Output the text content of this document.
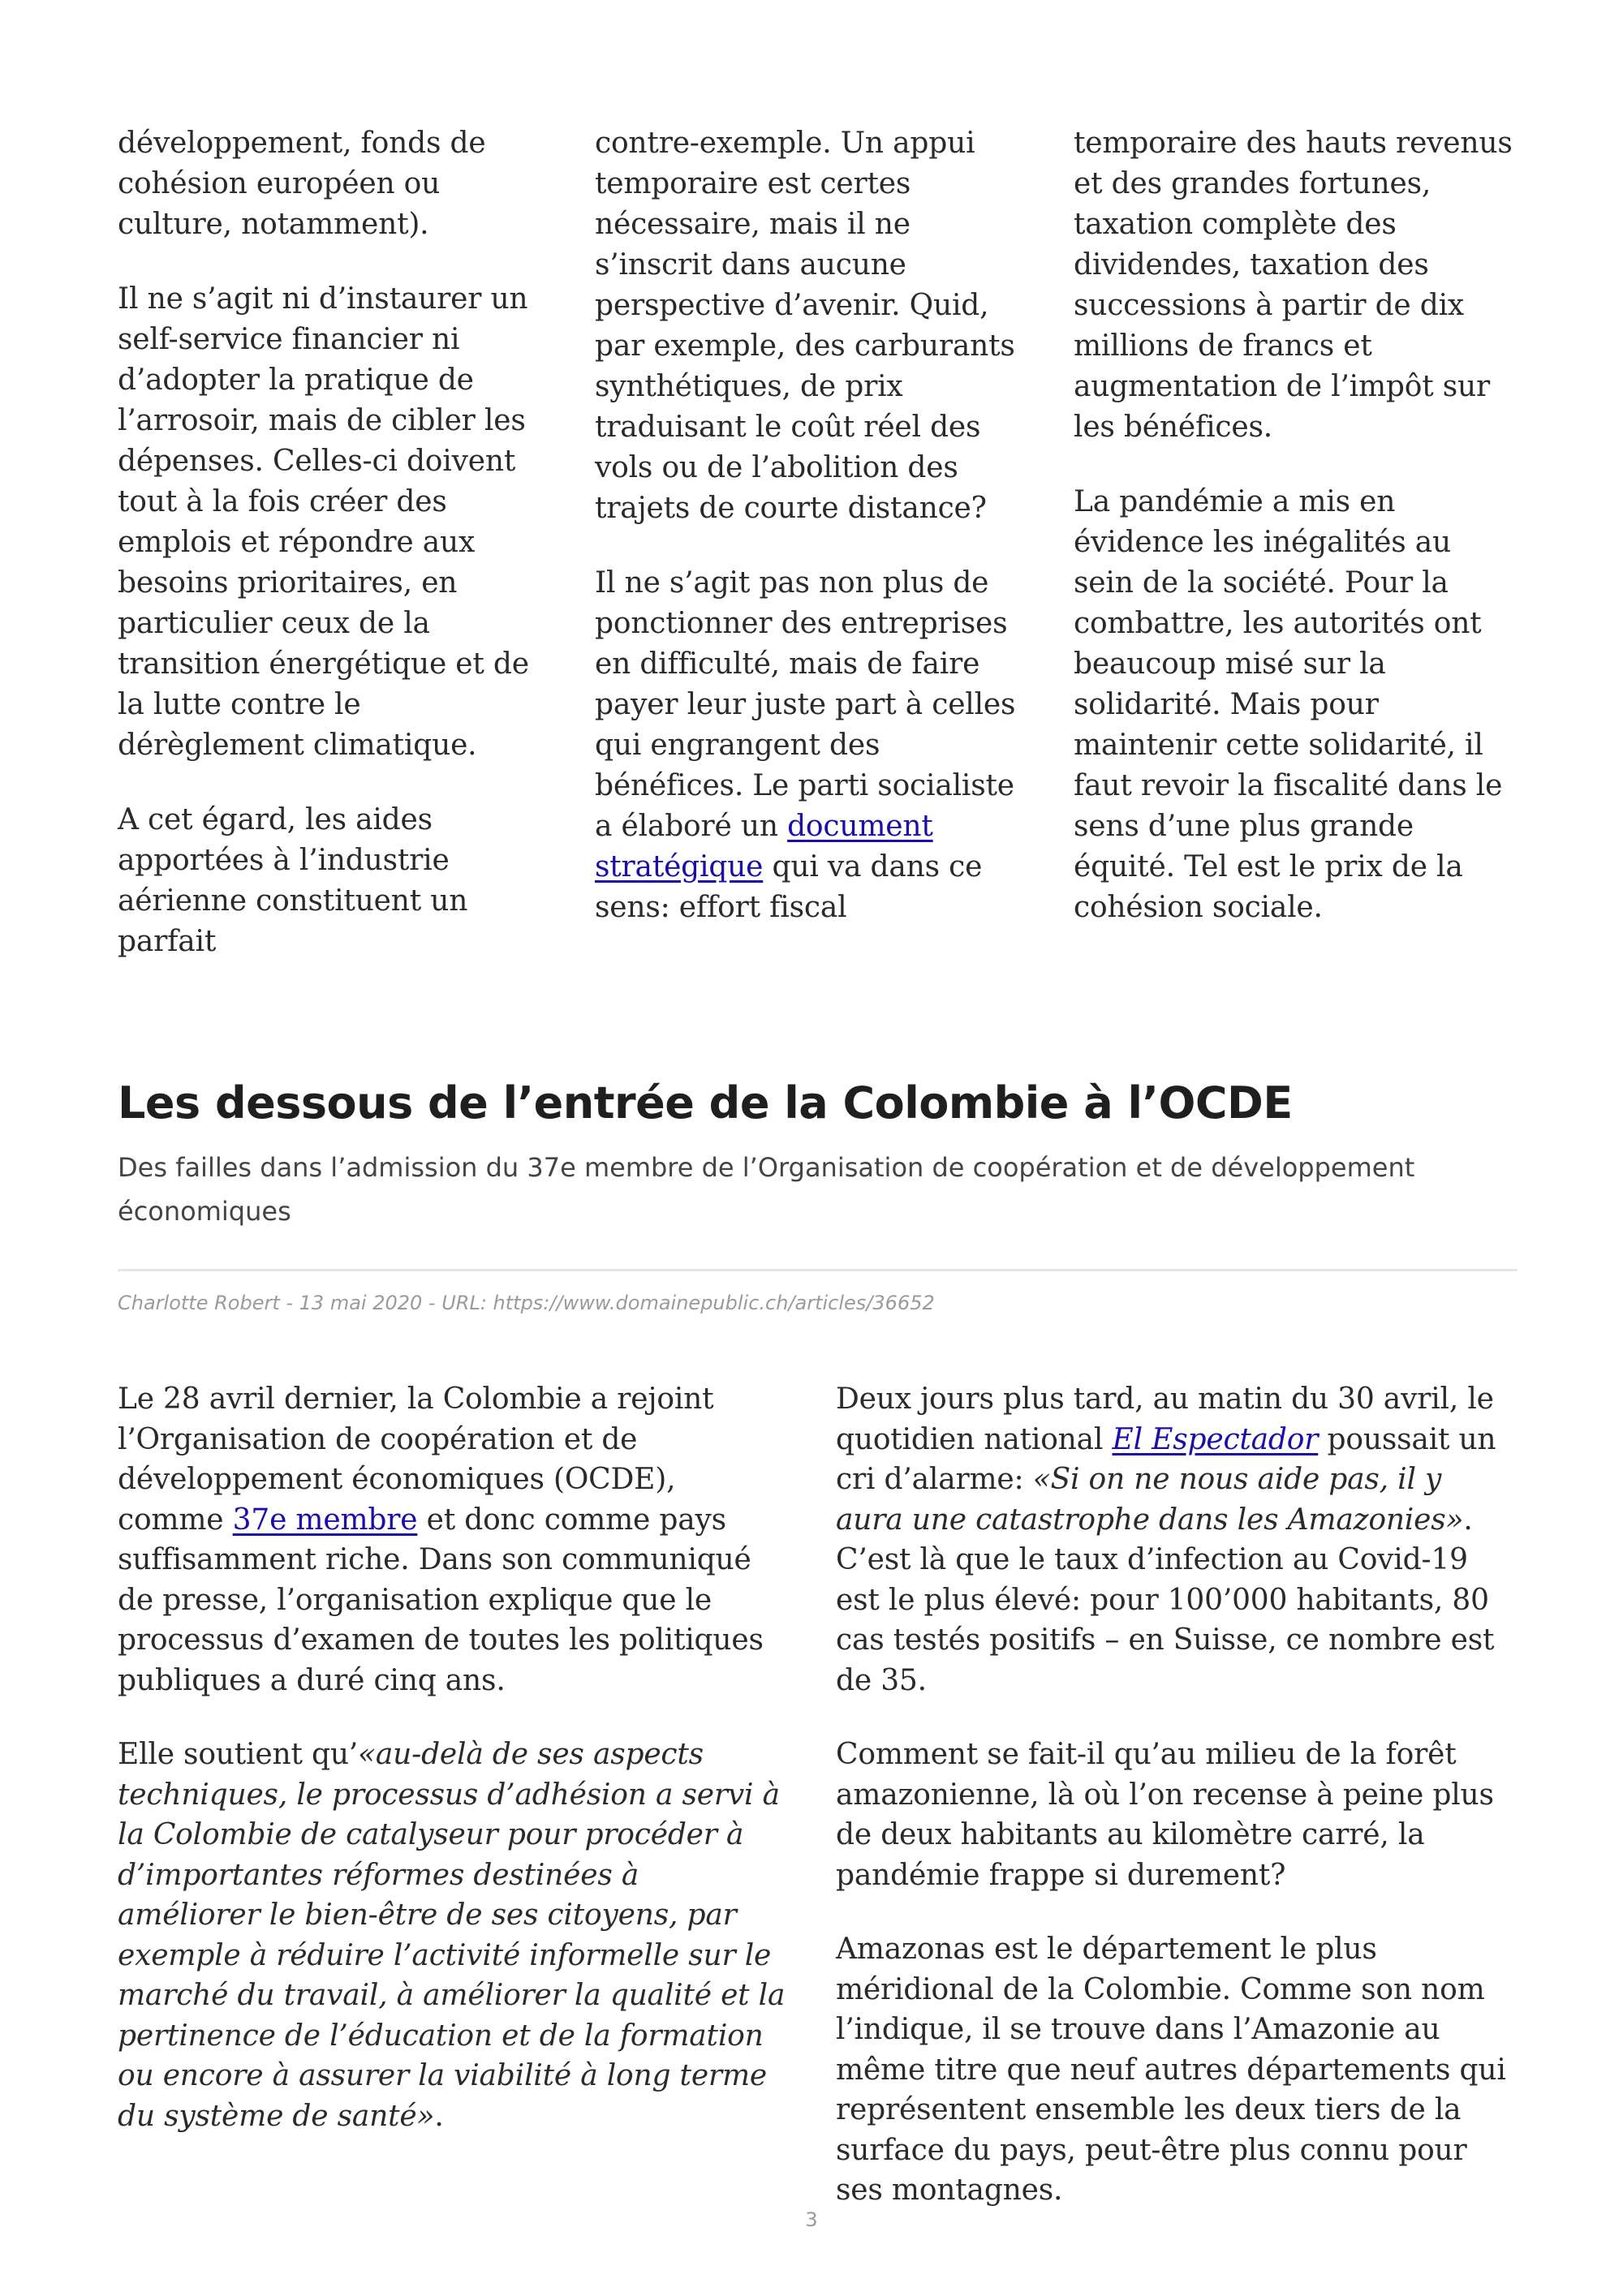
développement, fonds de cohésion européen ou culture, notamment).

Il ne s’agit ni d’instaurer un self-service financier ni d’adopter la pratique de l’arrosoir, mais de cibler les dépenses. Celles-ci doivent tout à la fois créer des emplois et répondre aux besoins prioritaires, en particulier ceux de la transition énergétique et de la lutte contre le dérèglement climatique.

A cet égard, les aides apportées à l’industrie aérienne constituent un parfait

contre-exemple. Un appui temporaire est certes nécessaire, mais il ne s’inscrit dans aucune perspective d’avenir. Quid, par exemple, des carburants synthétiques, de prix traduisant le coût réel des vols ou de l’abolition des trajets de courte distance?

Il ne s’agit pas non plus de ponctionner des entreprises en difficulté, mais de faire payer leur juste part à celles qui engrangent des bénéfices. Le parti socialiste a élaboré un document stratégique qui va dans ce sens: effort fiscal

temporaire des hauts revenus et des grandes fortunes, taxation complète des dividendes, taxation des successions à partir de dix millions de francs et augmentation de l’impôt sur les bénéfices.

La pandémie a mis en évidence les inégalités au sein de la société. Pour la combattre, les autorités ont beaucoup misé sur la solidarité. Mais pour maintenir cette solidarité, il faut revoir la fiscalité dans le sens d’une plus grande équité. Tel est le prix de la cohésion sociale.

Les dessous de l’entrée de la Colombie à l’OCDE

Des failles dans l’admission du 37e membre de l’Organisation de coopération et de développement économiques

Charlotte Robert - 13 mai 2020 - URL: https://www.domainepublic.ch/articles/36652

Le 28 avril dernier, la Colombie a rejoint l’Organisation de coopération et de développement économiques (OCDE), comme 37e membre et donc comme pays suffisamment riche. Dans son communiqué de presse, l’organisation explique que le processus d’examen de toutes les politiques publiques a duré cinq ans.

Elle soutient qu’«au-delà de ses aspects techniques, le processus d’adhésion a servi à la Colombie de catalyseur pour procéder à d’importantes réformes destinées à améliorer le bien-être de ses citoyens, par exemple à réduire l’activité informelle sur le marché du travail, à améliorer la qualité et la pertinence de l’éducation et de la formation ou encore à assurer la viabilité à long terme du système de santé».

Deux jours plus tard, au matin du 30 avril, le quotidien national El Espectador poussait un cri d’alarme: «Si on ne nous aide pas, il y aura une catastrophe dans les Amazonies». C’est là que le taux d’infection au Covid-19 est le plus élevé: pour 100’000 habitants, 80 cas testés positifs – en Suisse, ce nombre est de 35.

Comment se fait-il qu’au milieu de la forêt amazonienne, là où l’on recense à peine plus de deux habitants au kilomètre carré, la pandémie frappe si durement?

Amazonas est le département le plus méridional de la Colombie. Comme son nom l’indique, il se trouve dans l’Amazonie au même titre que neuf autres départements qui représentent ensemble les deux tiers de la surface du pays, peut-être plus connu pour ses montagnes.

3
